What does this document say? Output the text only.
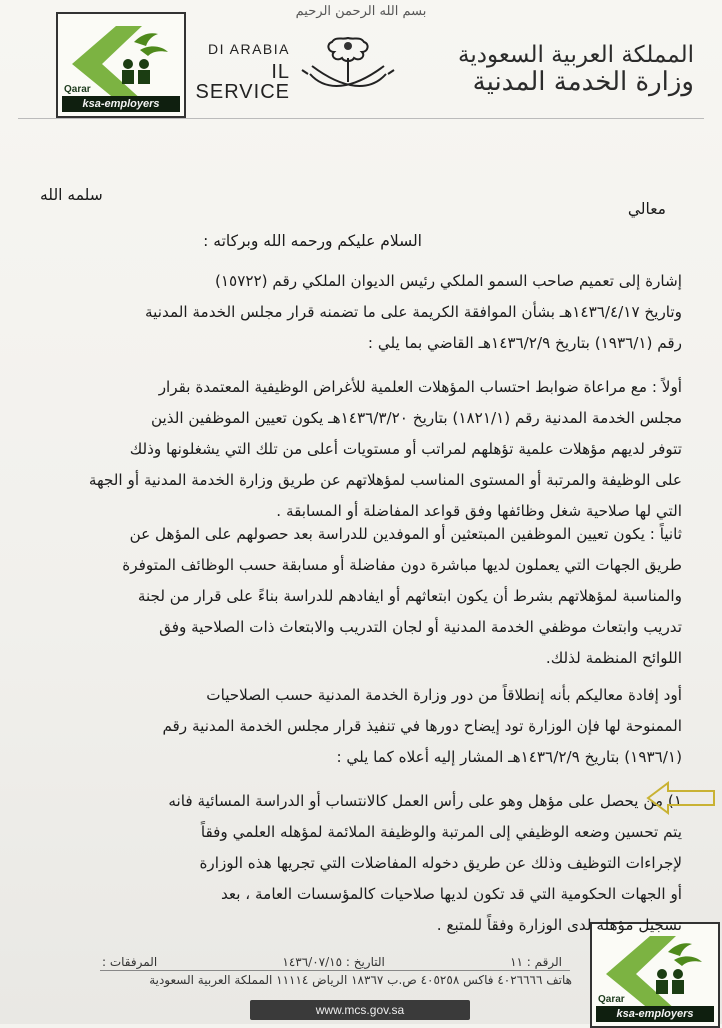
بسم الله الرحمن الرحيم
DI ARABIA
IL SERVICE
المملكة العربية السعودية
وزارة الخدمة المدنية
Qarar
ksa-employers
Qarar
ksa-employers
سلمه الله
معالي
السلام عليكم ورحمه الله وبركاته :
إشارة إلى تعميم صاحب السمو الملكي رئيس الديوان الملكي رقم (١٥٧٢٢)
وتاريخ ١٤٣٦/٤/١٧هـ بشأن الموافقة الكريمة على ما تضمنه قرار مجلس الخدمة المدنية
رقم (١٩٣٦/١) بتاريخ ١٤٣٦/٢/٩هـ القاضي بما يلي :
أولاً : مع مراعاة ضوابط احتساب المؤهلات العلمية للأغراض الوظيفية المعتمدة بقرار
مجلس الخدمة المدنية رقم (١٨٢١/١) بتاريخ ١٤٣٦/٣/٢٠هـ يكون تعيين الموظفين الذين
تتوفر لديهم مؤهلات علمية تؤهلهم لمراتب أو مستويات أعلى من تلك التي يشغلونها وذلك
على الوظيفة والمرتبة أو المستوى المناسب لمؤهلاتهم عن طريق وزارة الخدمة المدنية أو الجهة
التي لها صلاحية شغل وظائفها وفق قواعد المفاضلة أو المسابقة .
ثانياً : يكون تعيين الموظفين المبتعثين أو الموفدين للدراسة بعد حصولهم على المؤهل عن
طريق الجهات التي يعملون لديها مباشرة دون مفاضلة أو مسابقة حسب الوظائف المتوفرة
والمناسبة لمؤهلاتهم بشرط أن يكون ابتعاثهم أو ايفادهم للدراسة بناءً على قرار من لجنة
تدريب وابتعاث موظفي الخدمة المدنية أو لجان التدريب والابتعاث ذات الصلاحية وفق
اللوائح المنظمة لذلك.
أود إفادة معاليكم بأنه إنطلاقاً من دور وزارة الخدمة المدنية حسب الصلاحيات
الممنوحة لها فإن الوزارة تود إيضاح دورها في تنفيذ قرار مجلس الخدمة المدنية رقم
(١٩٣٦/١) بتاريخ ١٤٣٦/٢/٩هـ المشار إليه أعلاه كما يلي :
١) من يحصل على مؤهل وهو على رأس العمل كالانتساب أو الدراسة المسائية فانه
يتم تحسين وضعه الوظيفي إلى المرتبة والوظيفة الملائمة لمؤهله العلمي وفقاً
لإجراءات التوظيف وذلك عن طريق دخوله المفاضلات التي تجريها هذه الوزارة
أو الجهات الحكومية التي قد تكون لديها صلاحيات كالمؤسسات العامة ، بعد
تسجيل مؤهله لدى الوزارة وفقاً للمتبع .
الرقم : ١١
التاريخ : ١٤٣٦/٠٧/١٥
المرفقات :
هاتف ٤٠٢٦٦٦٦ فاكس ٤٠٥٢٥٨ ص.ب ١٨٣٦٧ الرياض ١١١١٤ المملكة العربية السعودية
www.mcs.gov.sa
